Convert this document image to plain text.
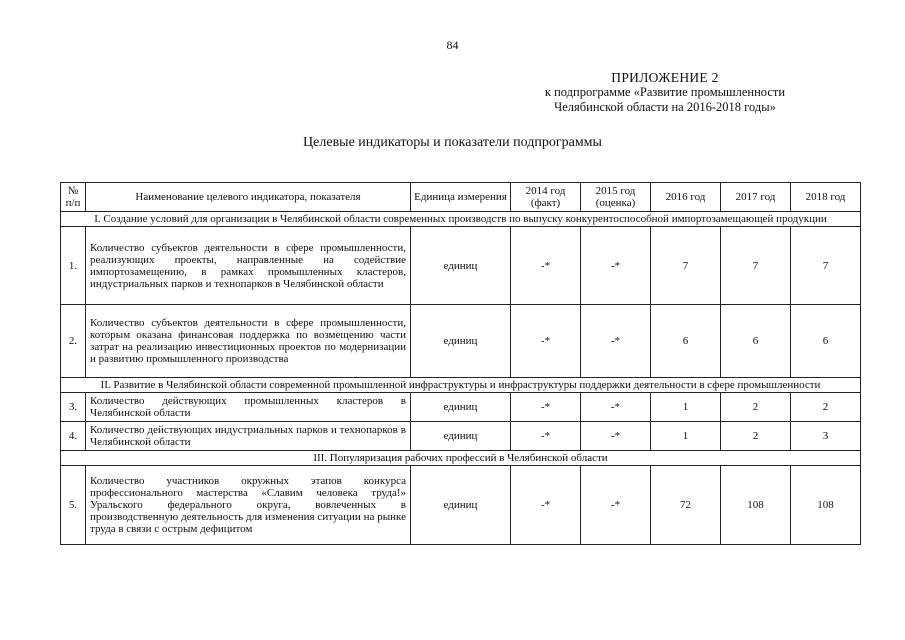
84
ПРИЛОЖЕНИЕ 2
к подпрограмме «Развитие промышленности
Челябинской области на 2016-2018 годы»
Целевые индикаторы и показатели подпрограммы
№ п/п	Наименование целевого индикатора, показателя	Единица измерения	2014 год (факт)	2015 год (оценка)	2016 год	2017 год	2018 год
I. Создание условий для организации в Челябинской области современных производств по выпуску конкурентоспособной импортозамещающей продукции							
1.	Количество субъектов деятельности в сфере промышленности, реализующих проекты, направленные на содействие импортозамещению, в рамках промышленных кластеров, индустриальных парков и технопарков в Челябинской области	единиц	-*	-*	7	7	7
2.	Количество субъектов деятельности в сфере промышленности, которым оказана финансовая поддержка по возмещению части затрат на реализацию инвестиционных проектов по модернизации и развитию промышленного производства	единиц	-*	-*	6	6	6
II. Развитие в Челябинской области современной промышленной инфраструктуры и инфраструктуры поддержки деятельности в сфере промышленности							
3.	Количество действующих промышленных кластеров в Челябинской области	единиц	-*	-*	1	2	2
4.	Количество действующих индустриальных парков и технопарков в Челябинской области	единиц	-*	-*	1	2	3
III. Популяризация рабочих профессий в Челябинской области							
5.	Количество участников окружных этапов конкурса профессионального мастерства «Славим человека труда!» Уральского федерального округа, вовлеченных в производственную деятельность для изменения ситуации на рынке труда в связи с острым дефицитом	единиц	-*	-*	72	108	108
